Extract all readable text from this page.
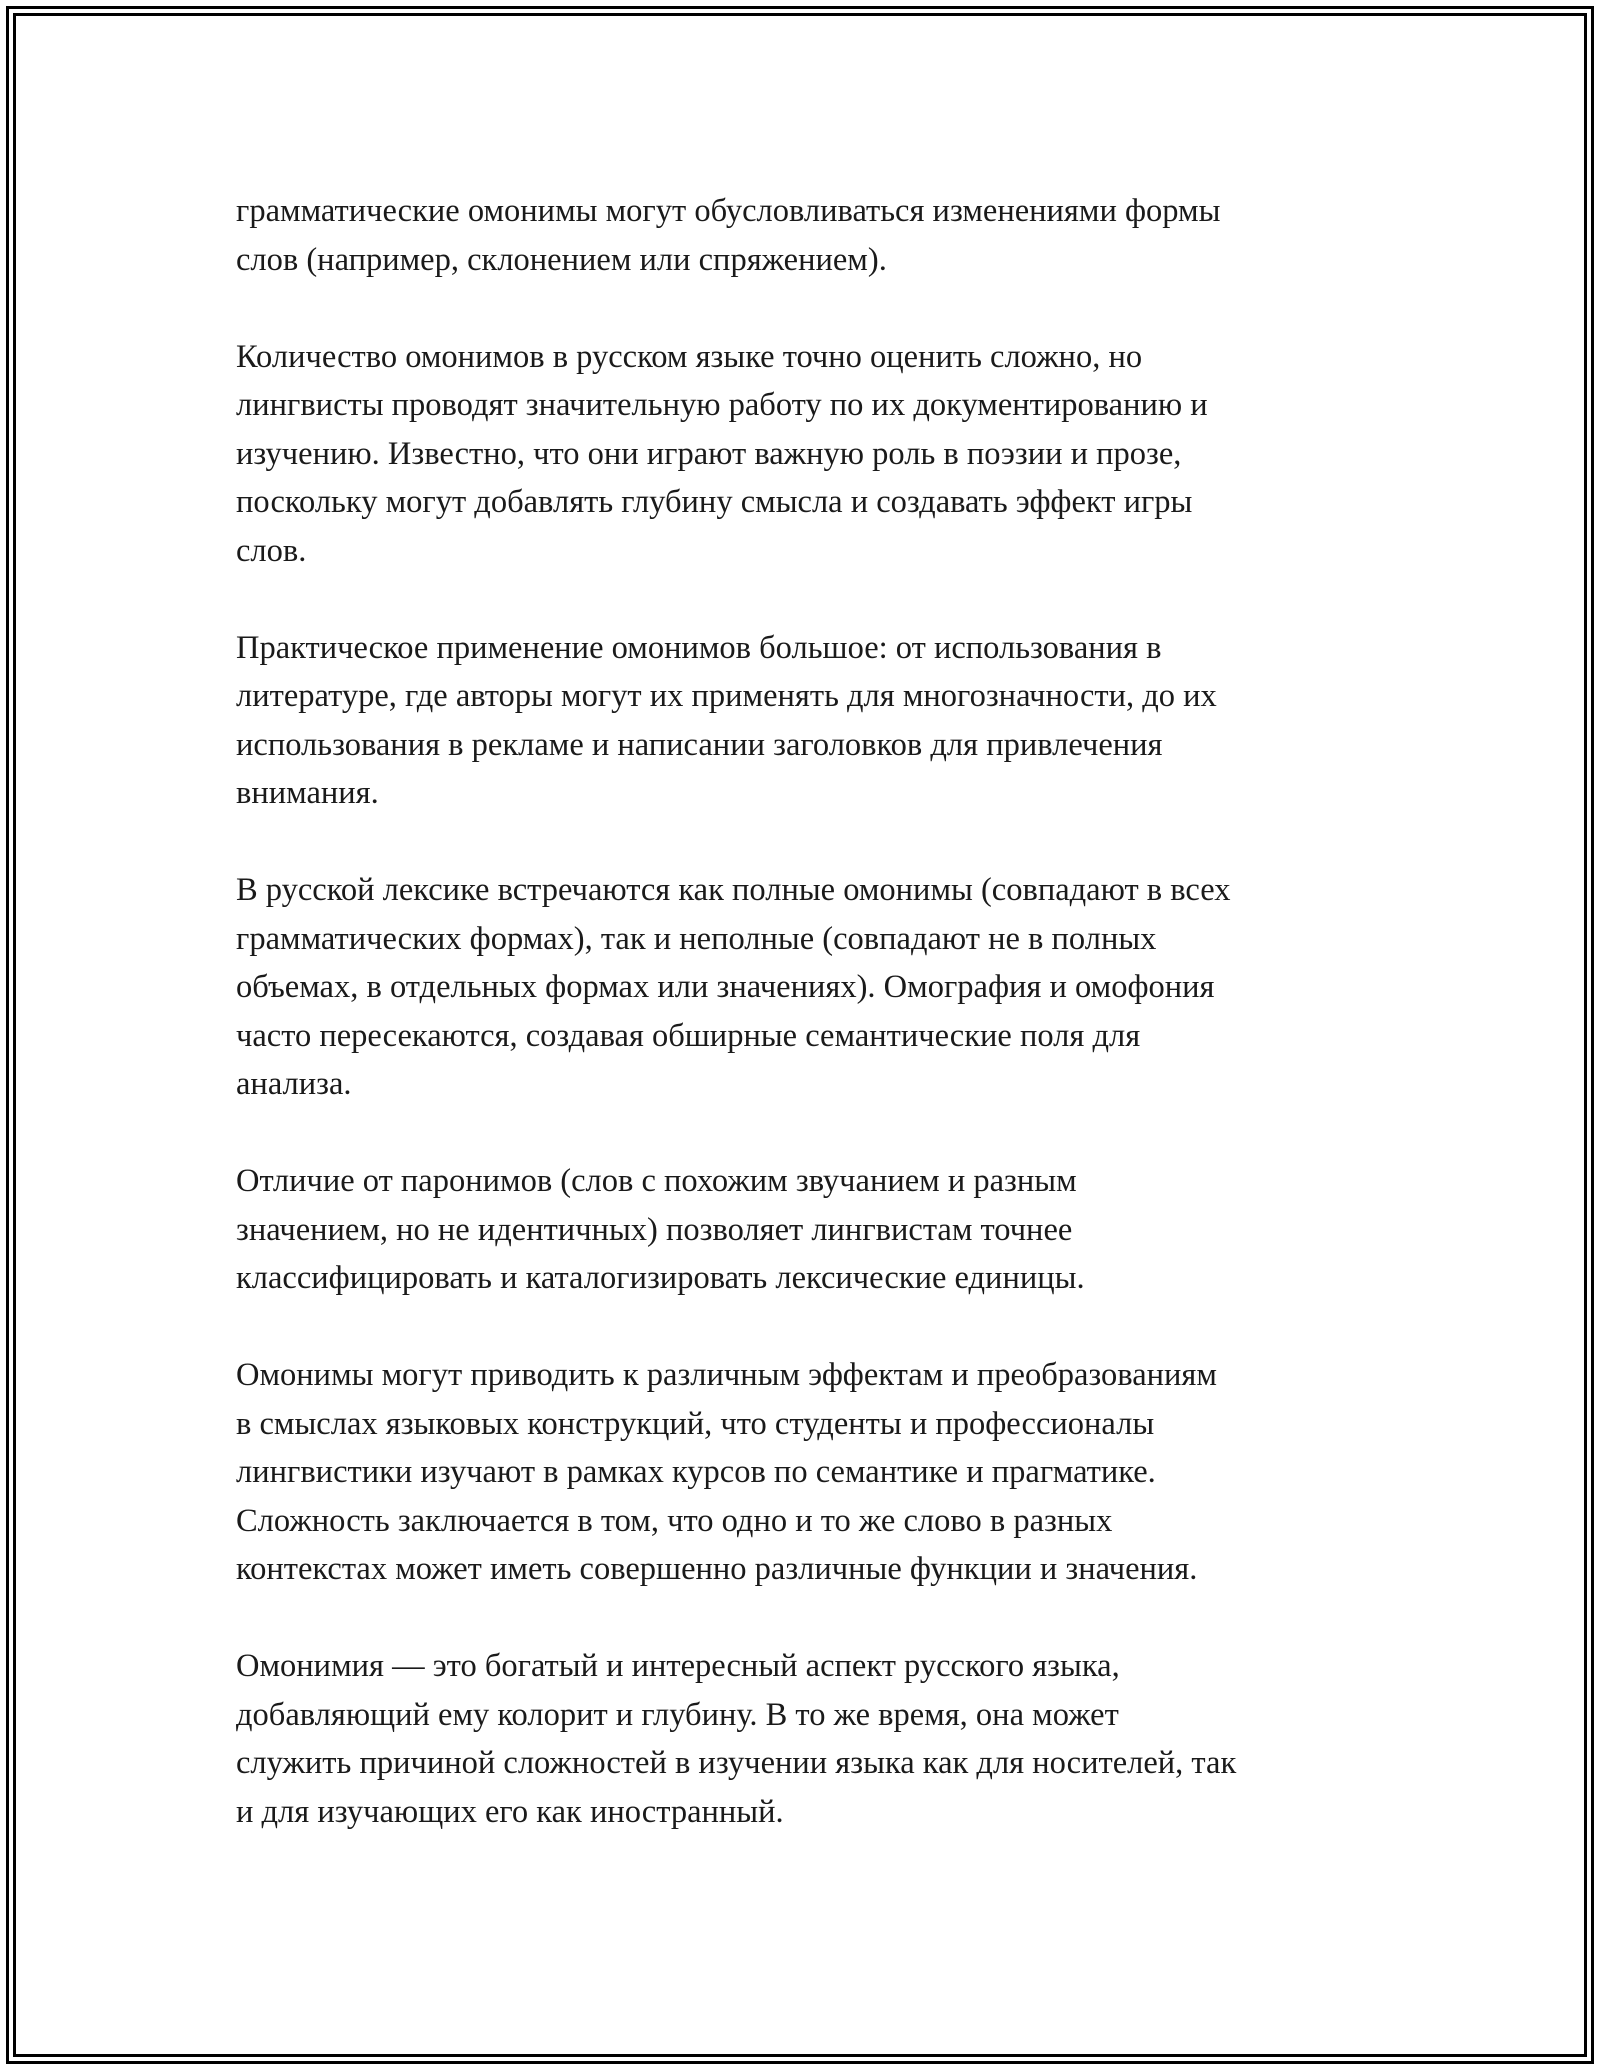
грамматические омонимы могут обусловливаться изменениями формы
слов (например, склонением или спряжением).

Количество омонимов в русском языке точно оценить сложно, но
лингвисты проводят значительную работу по их документированию и
изучению. Известно, что они играют важную роль в поэзии и прозе,
поскольку могут добавлять глубину смысла и создавать эффект игры
слов.

Практическое применение омонимов большое: от использования в
литературе, где авторы могут их применять для многозначности, до их
использования в рекламе и написании заголовков для привлечения
внимания.

В русской лексике встречаются как полные омонимы (совпадают в всех
грамматических формах), так и неполные (совпадают не в полных
объемах, в отдельных формах или значениях). Омография и омофония
часто пересекаются, создавая обширные семантические поля для
анализа.

Отличие от паронимов (слов с похожим звучанием и разным
значением, но не идентичных) позволяет лингвистам точнее
классифицировать и каталогизировать лексические единицы.

Омонимы могут приводить к различным эффектам и преобразованиям
в смыслах языковых конструкций, что студенты и профессионалы
лингвистики изучают в рамках курсов по семантике и прагматике.
Сложность заключается в том, что одно и то же слово в разных
контекстах может иметь совершенно различные функции и значения.

Омонимия — это богатый и интересный аспект русского языка,
добавляющий ему колорит и глубину. В то же время, она может
служить причиной сложностей в изучении языка как для носителей, так
и для изучающих его как иностранный.
